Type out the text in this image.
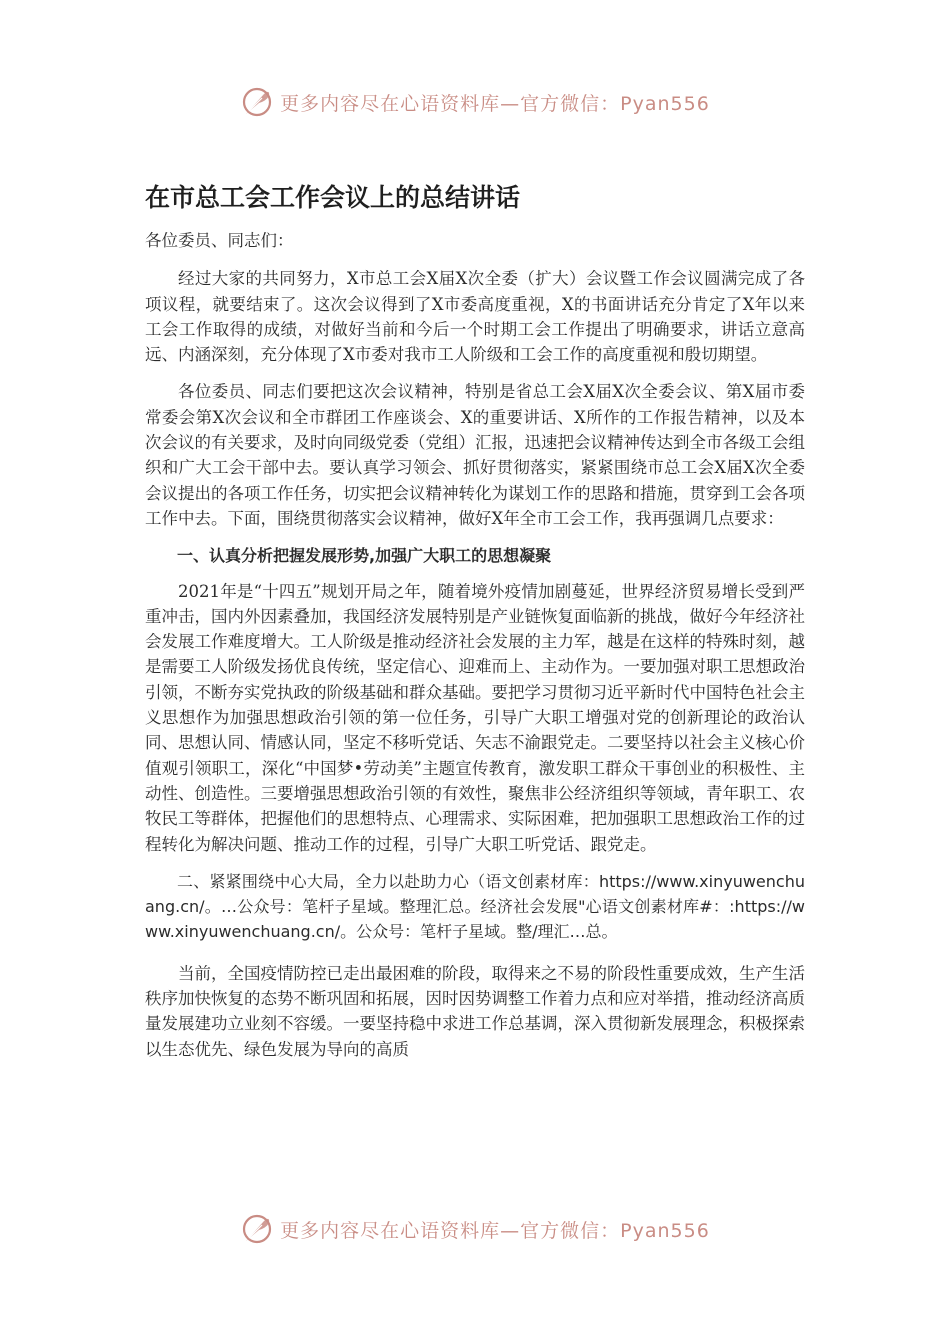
更多内容尽在心语资料库—官方微信：Pyan556
在市总工会工作会议上的总结讲话

各位委员、同志们：

经过大家的共同努力，X市总工会X届X次全委（扩大）会议暨工作会议圆满完成了各项议程，就要结束了。这次会议得到了X市委高度重视，X的书面讲话充分肯定了X年以来工会工作取得的成绩，对做好当前和今后一个时期工会工作提出了明确要求，讲话立意高远、内涵深刻，充分体现了X市委对我市工人阶级和工会工作的高度重视和殷切期望。

各位委员、同志们要把这次会议精神，特别是省总工会X届X次全委会议、第X届市委常委会第X次会议和全市群团工作座谈会、X的重要讲话、X所作的工作报告精神，以及本次会议的有关要求，及时向同级党委（党组）汇报，迅速把会议精神传达到全市各级工会组织和广大工会干部中去。要认真学习领会、抓好贯彻落实，紧紧围绕市总工会X届X次全委会议提出的各项工作任务，切实把会议精神转化为谋划工作的思路和措施，贯穿到工会各项工作中去。下面，围绕贯彻落实会议精神，做好X年全市工会工作，我再强调几点要求：

一、认真分析把握发展形势,加强广大职工的思想凝聚

2021年是“十四五”规划开局之年，随着境外疫情加剧蔓延，世界经济贸易增长受到严重冲击，国内外因素叠加，我国经济发展特别是产业链恢复面临新的挑战，做好今年经济社会发展工作难度增大。工人阶级是推动经济社会发展的主力军，越是在这样的特殊时刻，越是需要工人阶级发扬优良传统，坚定信心、迎难而上、主动作为。一要加强对职工思想政治引领，不断夯实党执政的阶级基础和群众基础。要把学习贯彻习近平新时代中国特色社会主义思想作为加强思想政治引领的第一位任务，引导广大职工增强对党的创新理论的政治认同、思想认同、情感认同，坚定不移听党话、矢志不渝跟党走。二要坚持以社会主义核心价值观引领职工，深化“中国梦•劳动美”主题宣传教育，激发职工群众干事创业的积极性、主动性、创造性。三要增强思想政治引领的有效性，聚焦非公经济组织等领域，青年职工、农牧民工等群体，把握他们的思想特点、心理需求、实际困难，把加强职工思想政治工作的过程转化为解决问题、推动工作的过程，引导广大职工听党话、跟党走。

二、紧紧围绕中心大局，全力以赴助力心（语文创素材库：https://www.xinyuwenchuang.cn/。…公众号：笔杆子星域。整理汇总。经济社会发展"心语文创素材库#：:https://www.xinyuwenchuang.cn/。公众号：笔杆子星域。整/理汇…总。

当前，全国疫情防控已走出最困难的阶段，取得来之不易的阶段性重要成效，生产生活秩序加快恢复的态势不断巩固和拓展，因时因势调整工作着力点和应对举措，推动经济高质量发展建功立业刻不容缓。一要坚持稳中求进工作总基调，深入贯彻新发展理念，积极探索以生态优先、绿色发展为导向的高质

更多内容尽在心语资料库—官方微信：Pyan556
